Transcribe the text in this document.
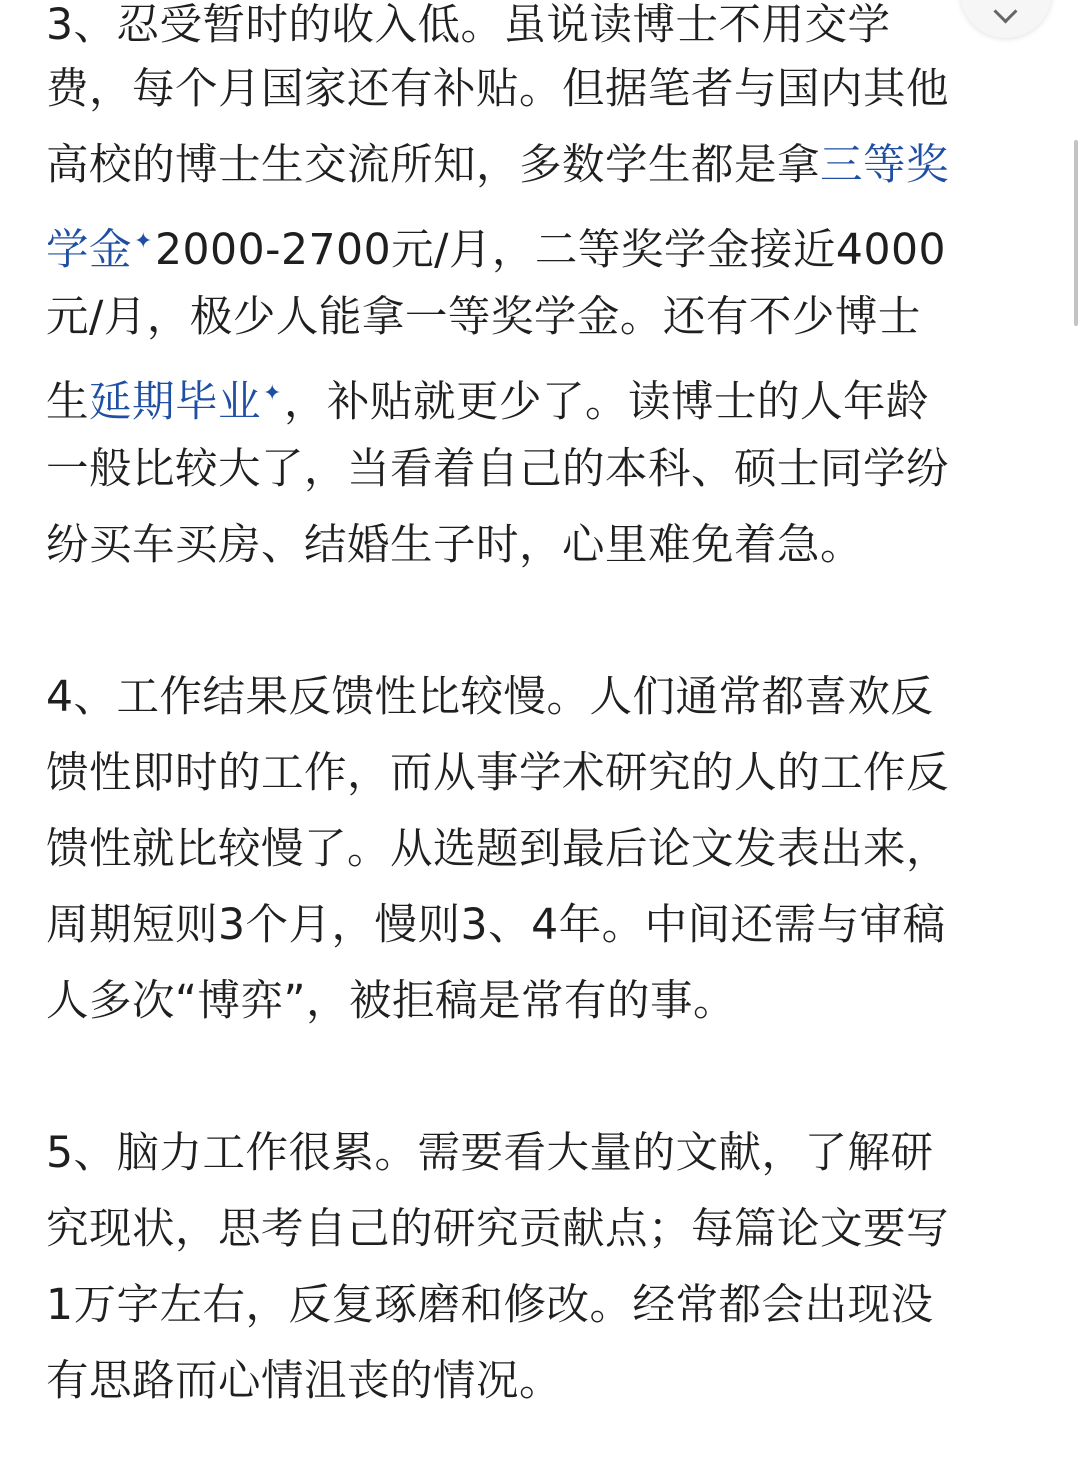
3、忍受暂时的收入低。虽说读博士不用交学
费，每个月国家还有补贴。但据笔者与国内其他
高校的博士生交流所知，多数学生都是拿三等奖
学金✦2000-2700元/月，二等奖学金接近4000
元/月，极少人能拿一等奖学金。还有不少博士
生延期毕业✦，补贴就更少了。读博士的人年龄
一般比较大了，当看着自己的本科、硕士同学纷
纷买车买房、结婚生子时，心里难免着急。
4、工作结果反馈性比较慢。人们通常都喜欢反
馈性即时的工作，而从事学术研究的人的工作反
馈性就比较慢了。从选题到最后论文发表出来，
周期短则3个月，慢则3、4年。中间还需与审稿
人多次“博弈”，被拒稿是常有的事。
5、脑力工作很累。需要看大量的文献，了解研
究现状，思考自己的研究贡献点；每篇论文要写
1万字左右，反复琢磨和修改。经常都会出现没
有思路而心情沮丧的情况。
